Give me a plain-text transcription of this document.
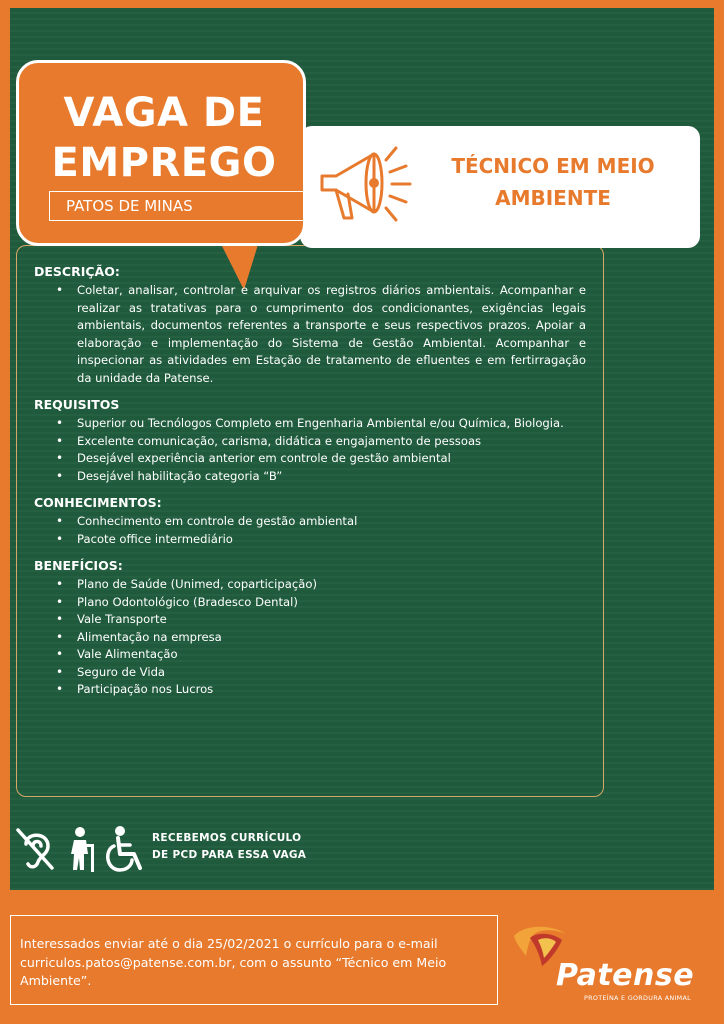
TÉCNICO EM MEIO
AMBIENTE
VAGA DE
EMPREGO
PATOS DE MINAS
DESCRIÇÃO:
• Coletar, analisar, controlar e arquivar os registros diários ambientais. Acompanhar e realizar as tratativas para o cumprimento dos condicionantes, exigências legais ambientais, documentos referentes a transporte e seus respectivos prazos. Apoiar a elaboração e implementação do Sistema de Gestão Ambiental. Acompanhar e inspecionar as atividades em Estação de tratamento de efluentes e em fertirragação da unidade da Patense.
REQUISITOS
• Superior ou Tecnólogos Completo em Engenharia Ambiental e/ou Química, Biologia.
• Excelente comunicação, carisma, didática e engajamento de pessoas
• Desejável experiência anterior em controle de gestão ambiental
• Desejável habilitação categoria “B”
CONHECIMENTOS:
• Conhecimento em controle de gestão ambiental
• Pacote office intermediário
BENEFÍCIOS:
• Plano de Saúde (Unimed, coparticipação)
• Plano Odontológico (Bradesco Dental)
• Vale Transporte
• Alimentação na empresa
• Vale Alimentação
• Seguro de Vida
• Participação nos Lucros
RECEBEMOS CURRÍCULO
DE PCD PARA ESSA VAGA
Interessados enviar até o dia 25/02/2021 o currículo para o e-mail curriculos.patos@patense.com.br, com o assunto “Técnico em Meio Ambiente”.	Patense
PROTEÍNA E GORDURA ANIMAL
